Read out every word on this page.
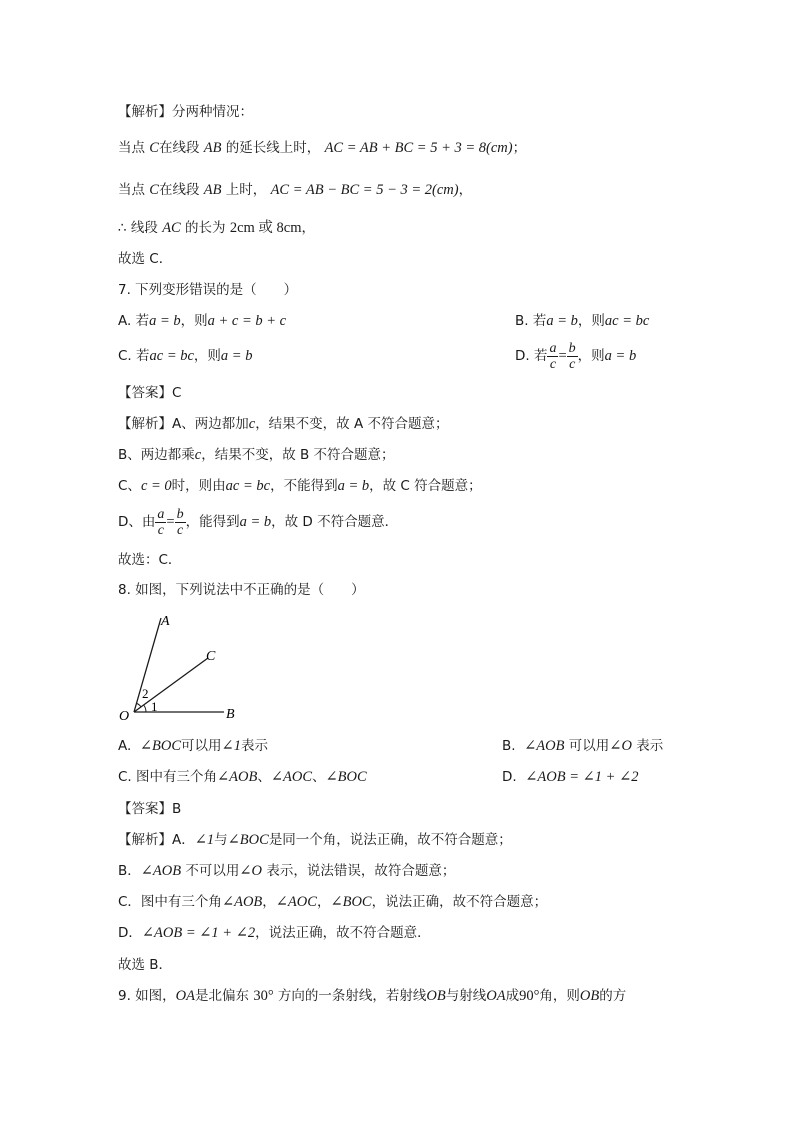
【解析】分两种情况：
当点 C在线段 AB 的延长线上时， AC = AB + BC = 5 + 3 = 8(cm)；
当点 C在线段 AB 上时， AC = AB − BC = 5 − 3 = 2(cm)，
∴ 线段 AC 的长为 2cm 或 8cm，
故选 C．
7. 下列变形错误的是（　　）
A. 若a = b，则a + c = b + c	B. 若a = b，则ac = bc
C. 若ac = bc，则a = b	D. 若 $\frac{a}{c} = \frac{b}{c}$ ，则a = b
【答案】C
【解析】A、两边都加c，结果不变，故 A 不符合题意；
B、两边都乘c，结果不变，故 B 不符合题意；
C、c = 0时，则由ac = bc，不能得到a = b，故 C 符合题意；
D、由 $\frac{a}{c} = \frac{b}{c}$ ，能得到a = b，故 D 不符合题意．
故选：C．
8. 如图，下列说法中不正确的是（　　）
A
C
O	B
1
2
A. ∠BOC可以用∠1表示	B. ∠AOB 可以用∠O 表示
C. 图中有三个角∠AOB、∠AOC、∠BOC	D. ∠AOB = ∠1 + ∠2
【答案】B
【解析】A．∠1与∠BOC是同一个角，说法正确，故不符合题意；
B．∠AOB 不可以用∠O 表示，说法错误，故符合题意；
C．图中有三个角∠AOB，∠AOC，∠BOC，说法正确，故不符合题意；
D．∠AOB = ∠1 + ∠2，说法正确，故不符合题意．
故选 B．
9. 如图，OA是北偏东 30° 方向的一条射线，若射线OB与射线OA成90°角，则OB的方
